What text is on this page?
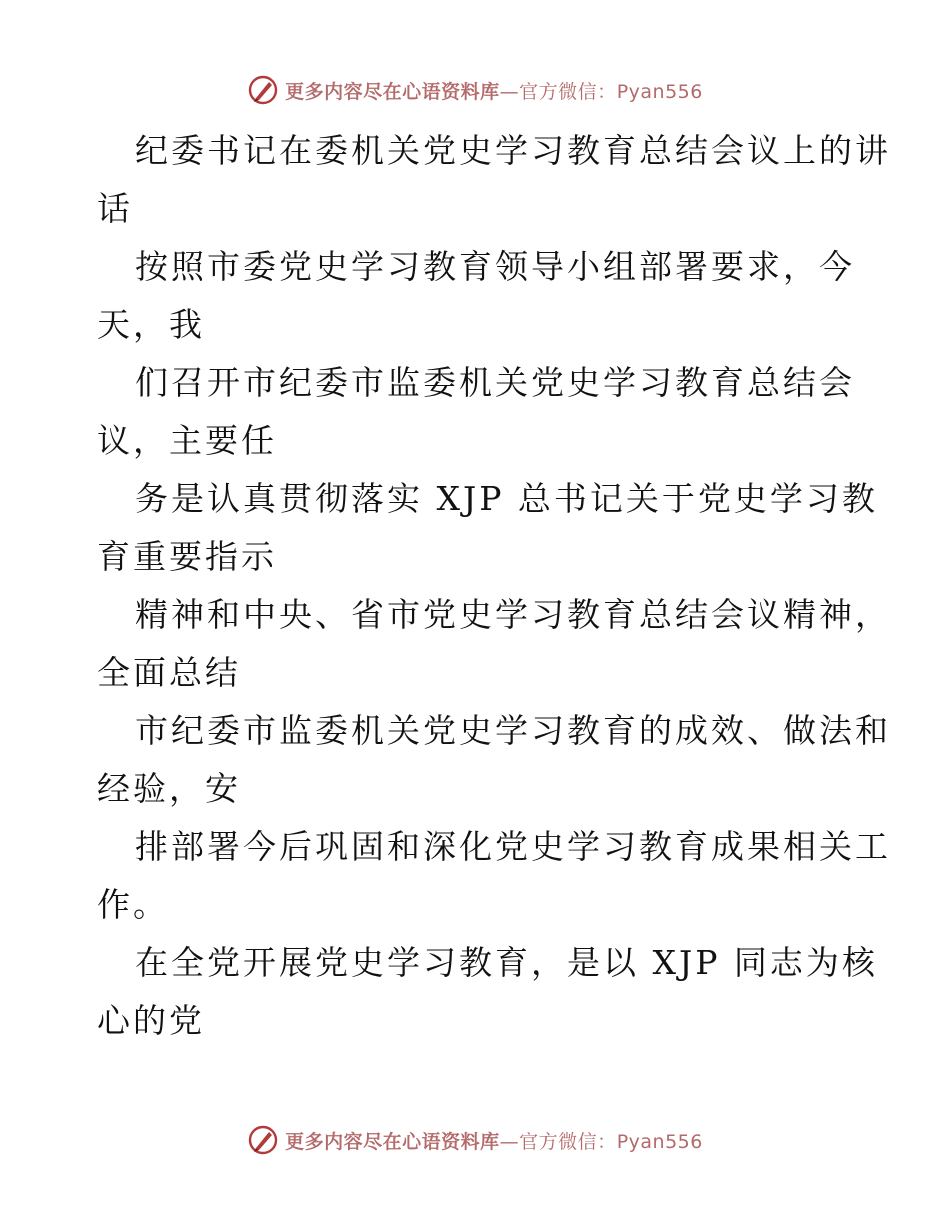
更多内容尽在心语资料库—官方微信：Pyan556
纪委书记在委机关党史学习教育总结会议上的讲
话
按照市委党史学习教育领导小组部署要求，今
天，我
们召开市纪委市监委机关党史学习教育总结会
议，主要任
务是认真贯彻落实 XJP 总书记关于党史学习教
育重要指示
精神和中央、省市党史学习教育总结会议精神，
全面总结
市纪委市监委机关党史学习教育的成效、做法和
经验，安
排部署今后巩固和深化党史学习教育成果相关工
作。
在全党开展党史学习教育，是以 XJP 同志为核
心的党
更多内容尽在心语资料库—官方微信：Pyan556
